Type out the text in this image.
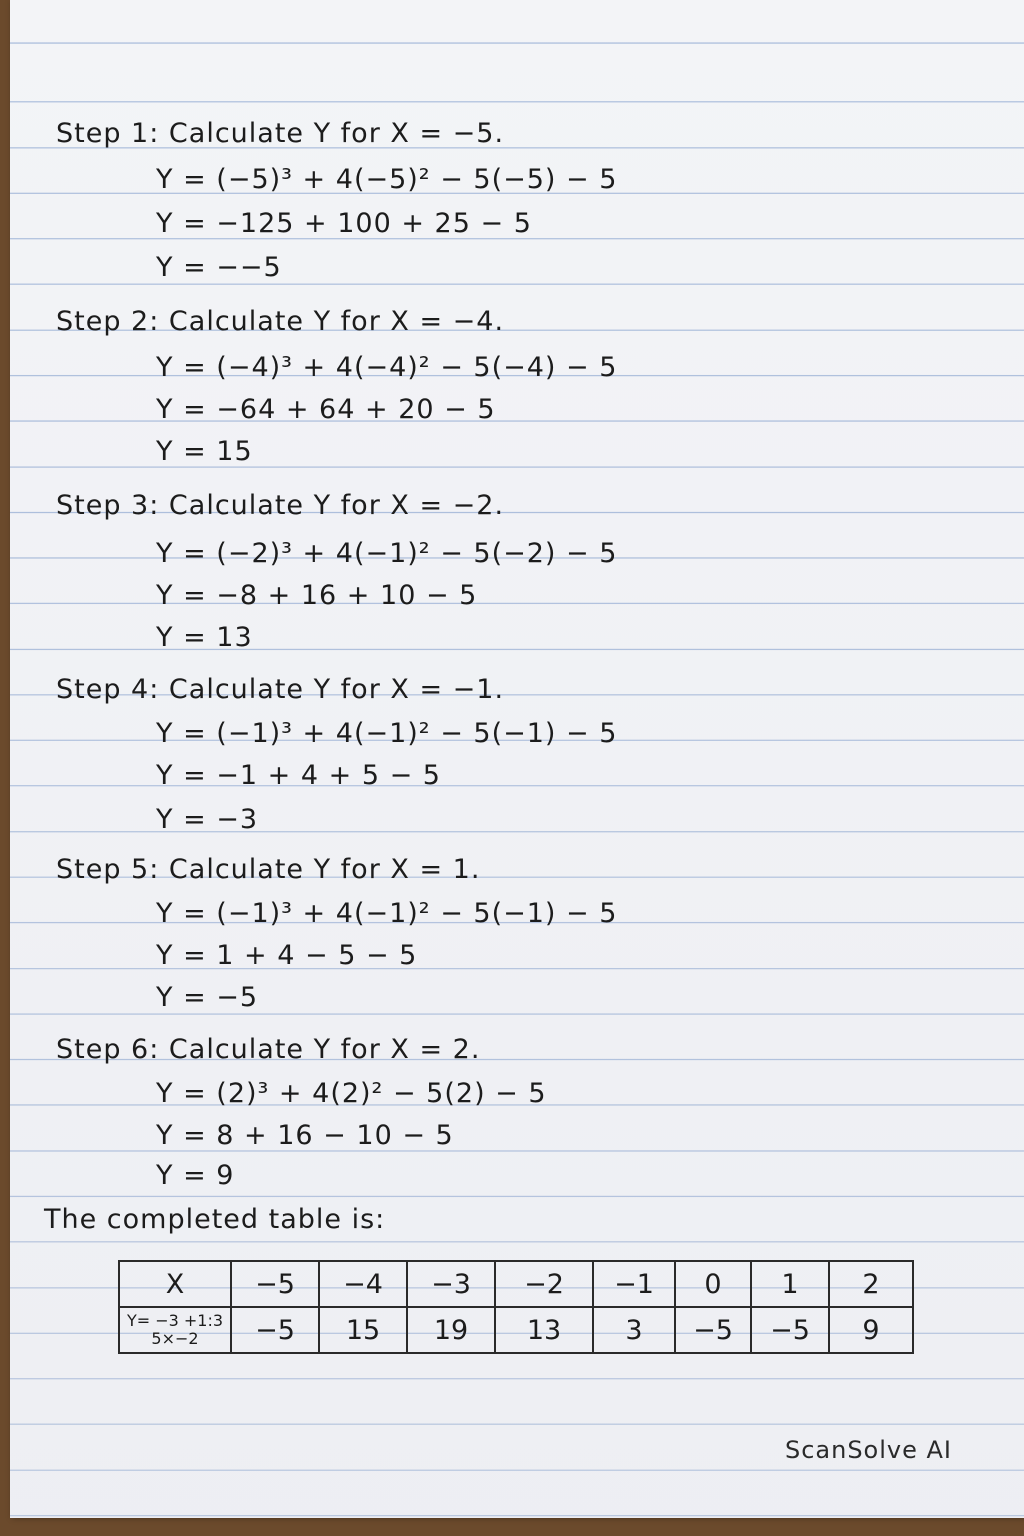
Step 1: Calculate Y for X = −5.
Y = (−5)³ + 4(−5)² − 5(−5) − 5
Y = −125 + 100 + 25 − 5
Y = −−5
Step 2: Calculate Y for X = −4.
Y = (−4)³ + 4(−4)² − 5(−4) − 5
Y = −64 + 64 + 20 − 5
Y = 15
Step 3: Calculate Y for X = −2.
Y = (−2)³ + 4(−1)² − 5(−2) − 5
Y = −8 + 16 + 10 − 5
Y = 13
Step 4: Calculate Y for X = −1.
Y = (−1)³ + 4(−1)² − 5(−1) − 5
Y = −1 + 4 + 5 − 5
Y = −3
Step 5: Calculate Y for X = 1.
Y = (−1)³ + 4(−1)² − 5(−1) − 5
Y = 1 + 4 − 5 − 5
Y = −5
Step 6: Calculate Y for X = 2.
Y = (2)³ + 4(2)² − 5(2) − 5
Y = 8 + 16 − 10 − 5
Y = 9
The completed table is:
X	−5	−4	−3	−2	−1	0	1	2

Y= −3 +1:3
5×−2	−5	15	19	13	3	−5	−5	9
ScanSolve AI
